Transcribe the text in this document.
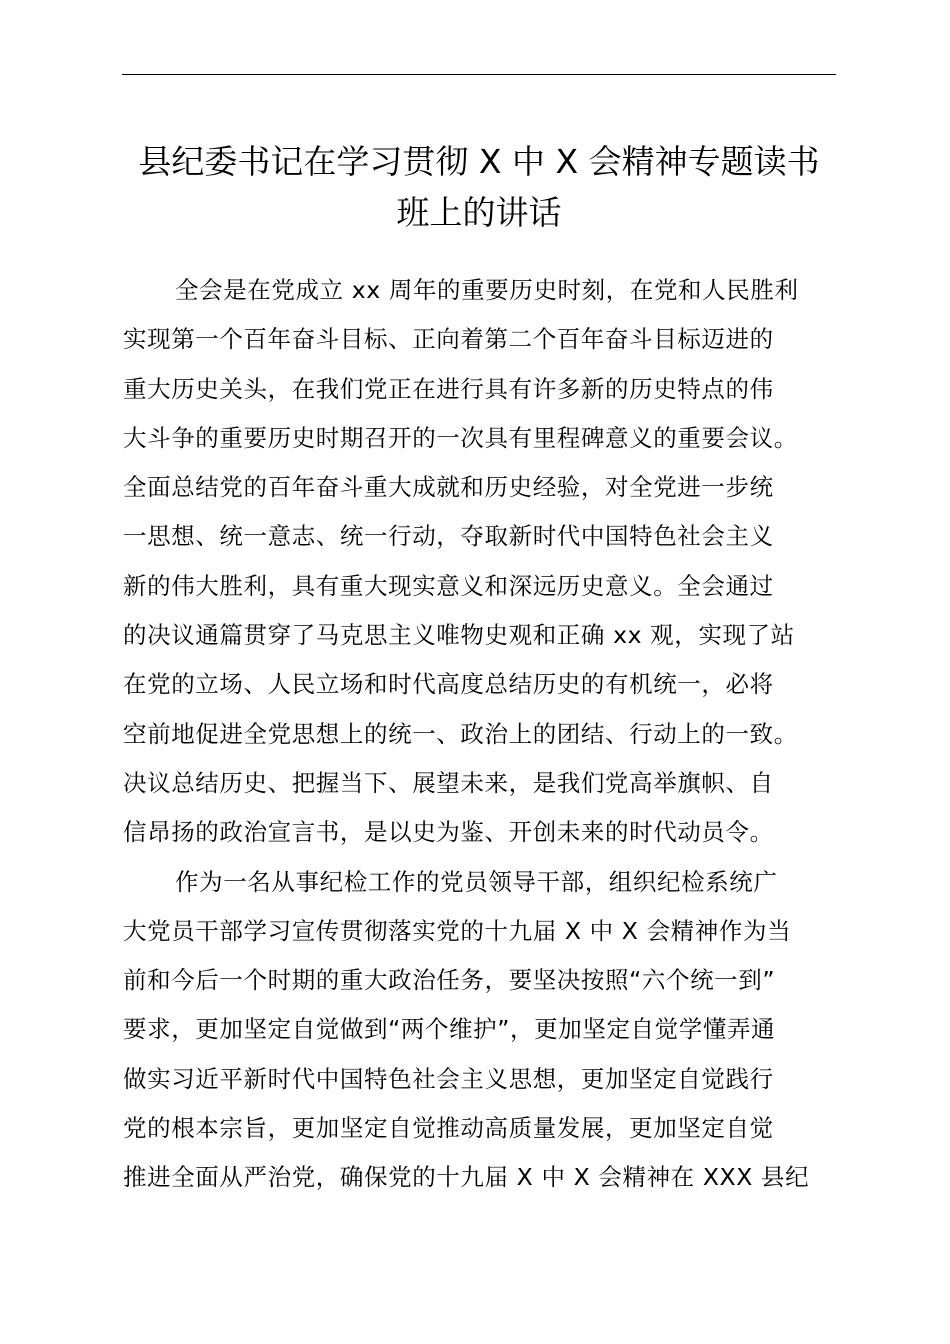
县纪委书记在学习贯彻 X 中 X 会精神专题读书
班上的讲话
全会是在党成立 xx 周年的重要历史时刻，在党和人民胜利
实现第一个百年奋斗目标、正向着第二个百年奋斗目标迈进的
重大历史关头，在我们党正在进行具有许多新的历史特点的伟
大斗争的重要历史时期召开的一次具有里程碑意义的重要会议。
全面总结党的百年奋斗重大成就和历史经验，对全党进一步统
一思想、统一意志、统一行动，夺取新时代中国特色社会主义
新的伟大胜利，具有重大现实意义和深远历史意义。全会通过
的决议通篇贯穿了马克思主义唯物史观和正确 xx 观，实现了站
在党的立场、人民立场和时代高度总结历史的有机统一，必将
空前地促进全党思想上的统一、政治上的团结、行动上的一致。
决议总结历史、把握当下、展望未来，是我们党高举旗帜、自
信昂扬的政治宣言书，是以史为鉴、开创未来的时代动员令。
作为一名从事纪检工作的党员领导干部，组织纪检系统广
大党员干部学习宣传贯彻落实党的十九届 X 中 X 会精神作为当
前和今后一个时期的重大政治任务，要坚决按照“六个统一到”
要求，更加坚定自觉做到“两个维护”，更加坚定自觉学懂弄通
做实习近平新时代中国特色社会主义思想，更加坚定自觉践行
党的根本宗旨，更加坚定自觉推动高质量发展，更加坚定自觉
推进全面从严治党，确保党的十九届 X 中 X 会精神在 XXX 县纪
